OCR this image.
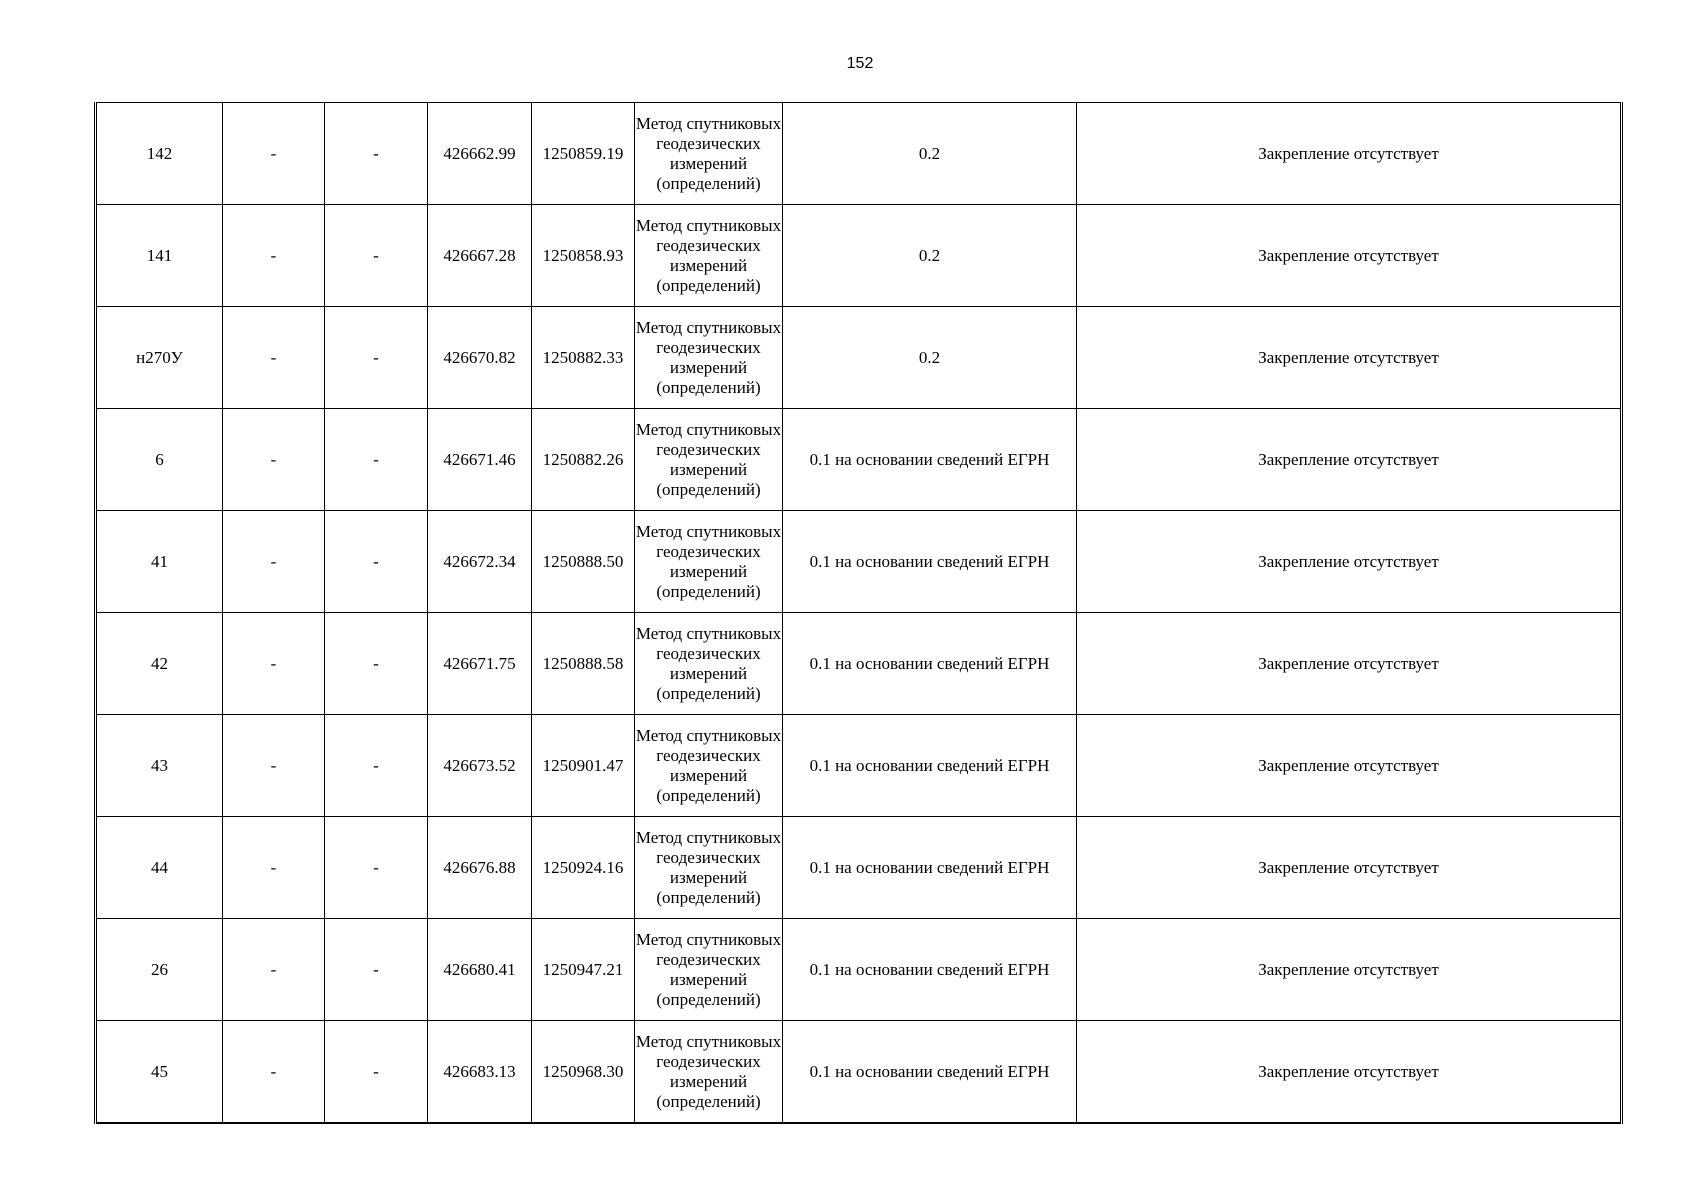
152
142	-	-	426662.99	1250859.19	Метод спутниковых геодезических измерений (определений)	0.2	Закрепление отсутствует
141	-	-	426667.28	1250858.93	Метод спутниковых геодезических измерений (определений)	0.2	Закрепление отсутствует
н270У	-	-	426670.82	1250882.33	Метод спутниковых геодезических измерений (определений)	0.2	Закрепление отсутствует
6	-	-	426671.46	1250882.26	Метод спутниковых геодезических измерений (определений)	0.1 на основании сведений ЕГРН	Закрепление отсутствует
41	-	-	426672.34	1250888.50	Метод спутниковых геодезических измерений (определений)	0.1 на основании сведений ЕГРН	Закрепление отсутствует
42	-	-	426671.75	1250888.58	Метод спутниковых геодезических измерений (определений)	0.1 на основании сведений ЕГРН	Закрепление отсутствует
43	-	-	426673.52	1250901.47	Метод спутниковых геодезических измерений (определений)	0.1 на основании сведений ЕГРН	Закрепление отсутствует
44	-	-	426676.88	1250924.16	Метод спутниковых геодезических измерений (определений)	0.1 на основании сведений ЕГРН	Закрепление отсутствует
26	-	-	426680.41	1250947.21	Метод спутниковых геодезических измерений (определений)	0.1 на основании сведений ЕГРН	Закрепление отсутствует
45	-	-	426683.13	1250968.30	Метод спутниковых геодезических измерений (определений)	0.1 на основании сведений ЕГРН	Закрепление отсутствует
